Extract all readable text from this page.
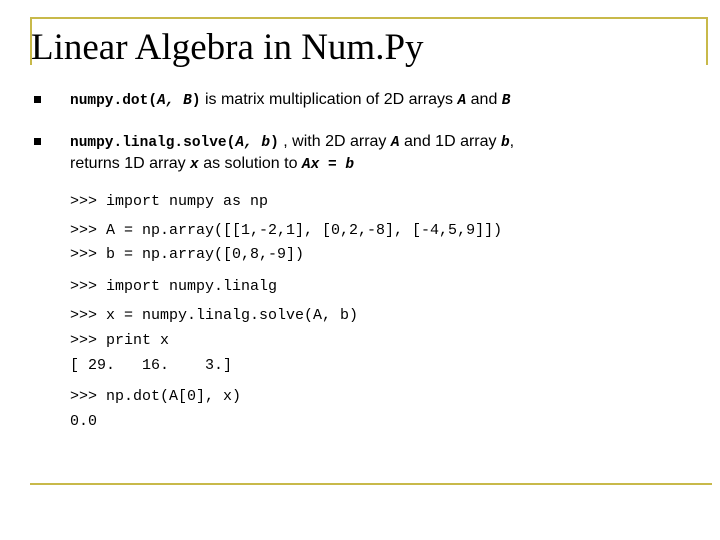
Linear Algebra in Num.Py
numpy.dot(A, B) is matrix multiplication of 2D arrays A and B
numpy.linalg.solve(A, b) , with 2D array A and 1D array b,
returns 1D array x as solution to Ax = b
>>> import numpy as np
>>> A = np.array([[1,-2,1], [0,2,-8], [-4,5,9]])
>>> b = np.array([0,8,-9])
>>> import numpy.linalg
>>> x = numpy.linalg.solve(A, b)
>>> print x
[ 29.   16.    3.]
>>> np.dot(A[0], x)
0.0
